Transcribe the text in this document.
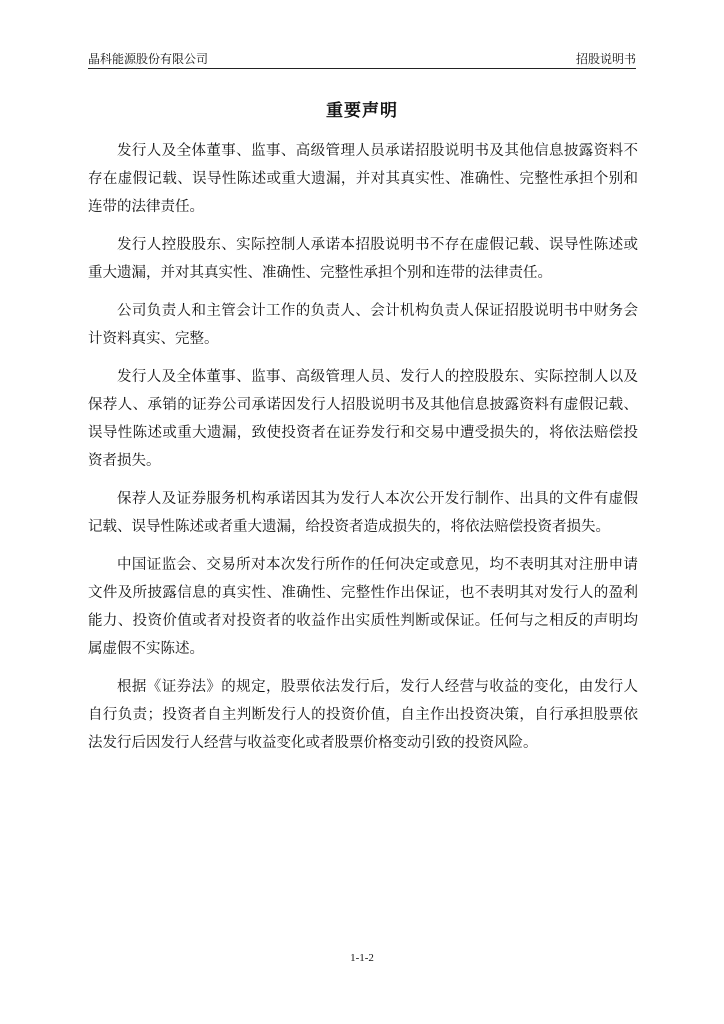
晶科能源股份有限公司	招股说明书
重要声明

发行人及全体董事、监事、高级管理人员承诺招股说明书及其他信息披露资料不存在虚假记载、误导性陈述或重大遗漏，并对其真实性、准确性、完整性承担个别和连带的法律责任。

发行人控股股东、实际控制人承诺本招股说明书不存在虚假记载、误导性陈述或重大遗漏，并对其真实性、准确性、完整性承担个别和连带的法律责任。

公司负责人和主管会计工作的负责人、会计机构负责人保证招股说明书中财务会计资料真实、完整。

发行人及全体董事、监事、高级管理人员、发行人的控股股东、实际控制人以及保荐人、承销的证券公司承诺因发行人招股说明书及其他信息披露资料有虚假记载、误导性陈述或重大遗漏，致使投资者在证券发行和交易中遭受损失的，将依法赔偿投资者损失。

保荐人及证券服务机构承诺因其为发行人本次公开发行制作、出具的文件有虚假记载、误导性陈述或者重大遗漏，给投资者造成损失的，将依法赔偿投资者损失。

中国证监会、交易所对本次发行所作的任何决定或意见，均不表明其对注册申请文件及所披露信息的真实性、准确性、完整性作出保证，也不表明其对发行人的盈利能力、投资价值或者对投资者的收益作出实质性判断或保证。任何与之相反的声明均属虚假不实陈述。

根据《证券法》的规定，股票依法发行后，发行人经营与收益的变化，由发行人自行负责；投资者自主判断发行人的投资价值，自主作出投资决策，自行承担股票依法发行后因发行人经营与收益变化或者股票价格变动引致的投资风险。

1-1-2
